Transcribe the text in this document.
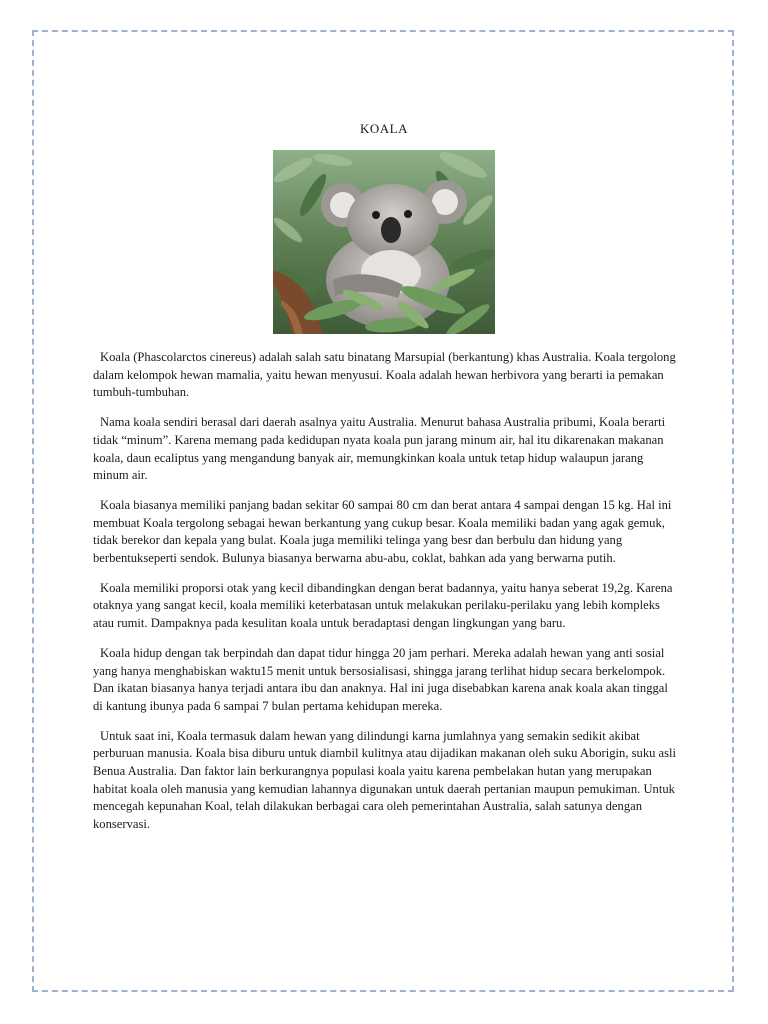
KOALA

Koala (Phascolarctos cinereus) adalah salah satu binatang Marsupial (berkantung) khas Australia. Koala tergolong dalam kelompok hewan mamalia, yaitu hewan menyusui. Koala adalah hewan herbivora yang berarti ia pemakan tumbuh-tumbuhan.

Nama koala sendiri berasal dari daerah asalnya yaitu Australia. Menurut bahasa Australia pribumi, Koala berarti tidak “minum”. Karena memang pada kedidupan nyata koala pun jarang minum air, hal itu dikarenakan makanan koala, daun ecaliptus yang mengandung banyak air, memungkinkan koala untuk tetap hidup walaupun jarang minum air.

Koala biasanya memiliki panjang badan sekitar 60 sampai 80 cm dan berat antara 4 sampai dengan 15 kg. Hal ini membuat Koala tergolong sebagai hewan berkantung yang cukup besar. Koala memiliki badan yang agak gemuk, tidak berekor dan kepala yang bulat. Koala juga memiliki telinga yang besr dan berbulu dan hidung yang berbentukseperti sendok. Bulunya biasanya berwarna abu-abu, coklat, bahkan ada yang berwarna putih.

Koala memiliki proporsi otak yang kecil dibandingkan dengan berat badannya, yaitu hanya seberat 19,2g. Karena otaknya yang sangat kecil, koala memiliki keterbatasan untuk melakukan perilaku-perilaku yang lebih kompleks atau rumit. Dampaknya pada kesulitan koala untuk beradaptasi dengan lingkungan yang baru.

Koala hidup dengan tak berpindah dan dapat tidur hingga 20 jam perhari. Mereka adalah hewan yang anti sosial yang hanya menghabiskan waktu15 menit untuk bersosialisasi, shingga jarang terlihat hidup secara berkelompok. Dan ikatan biasanya hanya terjadi antara ibu dan anaknya. Hal ini juga disebabkan karena anak koala akan tinggal di kantung ibunya pada 6 sampai 7 bulan pertama kehidupan mereka.

Untuk saat ini, Koala termasuk dalam hewan yang dilindungi karna jumlahnya yang semakin sedikit akibat perburuan manusia. Koala bisa diburu untuk diambil kulitnya atau dijadikan makanan oleh suku Aborigin, suku asli Benua Australia. Dan faktor lain berkurangnya populasi koala yaitu karena pembelakan hutan yang merupakan habitat koala oleh manusia yang kemudian lahannya digunakan untuk daerah pertanian maupun pemukiman. Untuk mencegah kepunahan Koal, telah dilakukan berbagai cara oleh pemerintahan Australia, salah satunya dengan konservasi.
